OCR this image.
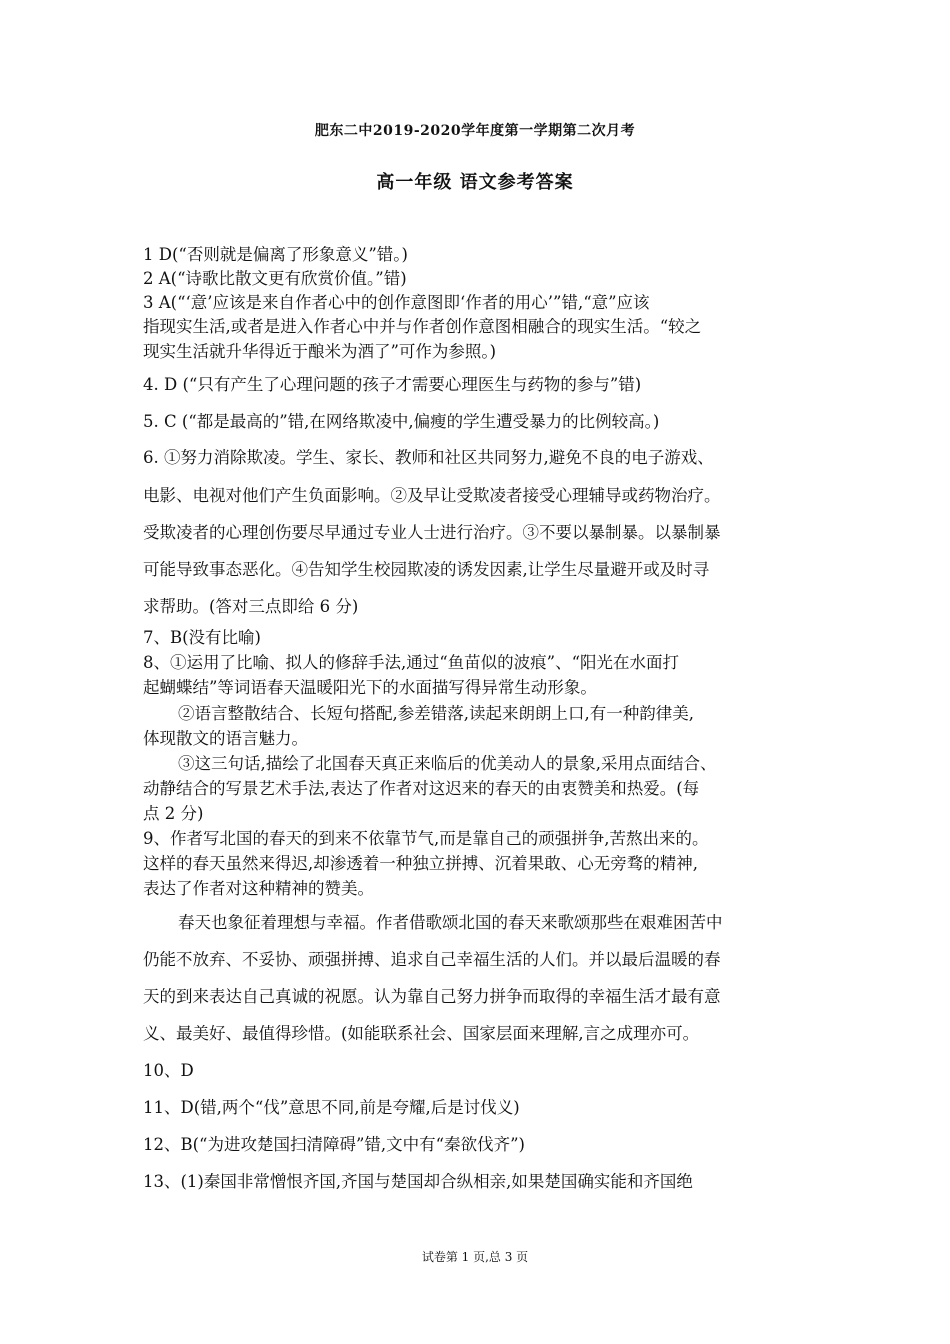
肥东二中2019-2020学年度第一学期第二次月考
高一年级 语文参考答案
1 D(“否则就是偏离了形象意义”错。)
2 A(“诗歌比散文更有欣赏价值。”错)
3 A(“‘意’应该是来自作者心中的创作意图即‘作者的用心’”错,“意”应该
指现实生活,或者是进入作者心中并与作者创作意图相融合的现实生活。“较之
现实生活就升华得近于酿米为酒了”可作为参照。)
4. D (“只有产生了心理问题的孩子才需要心理医生与药物的参与”错)
5. C (“都是最高的”错,在网络欺凌中,偏瘦的学生遭受暴力的比例较高。)
6. ①努力消除欺凌。学生、家长、教师和社区共同努力,避免不良的电子游戏、
电影、电视对他们产生负面影响。②及早让受欺凌者接受心理辅导或药物治疗。
受欺凌者的心理创伤要尽早通过专业人士进行治疗。③不要以暴制暴。以暴制暴
可能导致事态恶化。④告知学生校园欺凌的诱发因素,让学生尽量避开或及时寻
求帮助。(答对三点即给 6 分)
7、B(没有比喻)
8、①运用了比喻、拟人的修辞手法,通过“鱼苗似的波痕”、“阳光在水面打
起蝴蝶结”等词语春天温暖阳光下的水面描写得异常生动形象。
②语言整散结合、长短句搭配,参差错落,读起来朗朗上口,有一种韵律美,
体现散文的语言魅力。
③这三句话,描绘了北国春天真正来临后的优美动人的景象,采用点面结合、
动静结合的写景艺术手法,表达了作者对这迟来的春天的由衷赞美和热爱。(每
点 2 分)
9、作者写北国的春天的到来不依靠节气,而是靠自己的顽强拼争,苦熬出来的。
这样的春天虽然来得迟,却渗透着一种独立拼搏、沉着果敢、心无旁骛的精神,
表达了作者对这种精神的赞美。
春天也象征着理想与幸福。作者借歌颂北国的春天来歌颂那些在艰难困苦中
仍能不放弃、不妥协、顽强拼搏、追求自己幸福生活的人们。并以最后温暖的春
天的到来表达自己真诚的祝愿。认为靠自己努力拼争而取得的幸福生活才最有意
义、最美好、最值得珍惜。(如能联系社会、国家层面来理解,言之成理亦可。
10、D
11、D(错,两个“伐”意思不同,前是夸耀,后是讨伐义)
12、B(“为进攻楚国扫清障碍”错,文中有“秦欲伐齐”)
13、(1)秦国非常憎恨齐国,齐国与楚国却合纵相亲,如果楚国确实能和齐国绝
试卷第 1 页,总 3 页
